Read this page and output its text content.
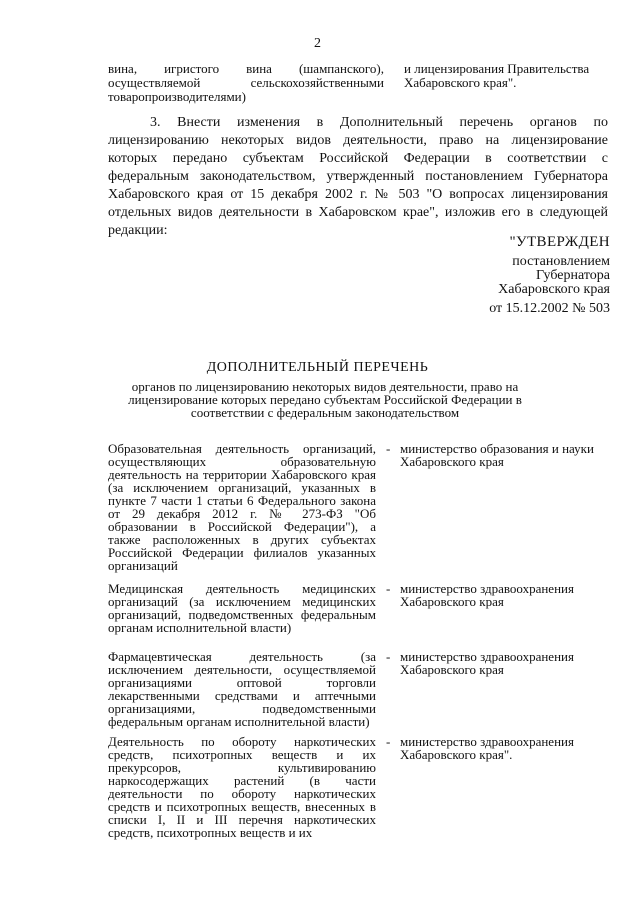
2
вина, игристого вина (шампанского), осуществляемой сельскохозяйственными товаропроизводителями)
и лицензирования Правительства Хабаровского края".
3. Внести изменения в Дополнительный перечень органов по лицензированию некоторых видов деятельности, право на лицензирование которых передано субъектам Российской Федерации в соответствии с федеральным законодательством, утвержденный постановлением Губернатора Хабаровского края от 15 декабря 2002 г. № 503 "О вопросах лицензирования отдельных видов деятельности в Хабаровском крае", изложив его в следующей редакции:
"УТВЕРЖДЕН
постановлением
Губернатора
Хабаровского края
от 15.12.2002 № 503
ДОПОЛНИТЕЛЬНЫЙ ПЕРЕЧЕНЬ
органов по лицензированию некоторых видов деятельности, право на лицензирование которых передано субъектам Российской Федерации в соответствии с федеральным законодательством
Образовательная деятельность организаций, осуществляющих образовательную деятельность на территории Хабаровского края (за исключением организаций, указанных в пункте 7 части 1 статьи 6 Федерального закона от 29 декабря 2012 г. № 273-ФЗ "Об образовании в Российской Федерации"), а также расположенных в других субъектах Российской Федерации филиалов указанных организаций
- министерство образования и науки Хабаровского края
Медицинская деятельность медицинских организаций (за исключением медицинских организаций, подведомственных федеральным органам исполнительной власти)
- министерство здравоохранения Хабаровского края
Фармацевтическая деятельность (за исключением деятельности, осуществляемой организациями оптовой торговли лекарственными средствами и аптечными организациями, подведомственными федеральным органам исполнительной власти)
- министерство здравоохранения Хабаровского края
Деятельность по обороту наркотических средств, психотропных веществ и их прекурсоров, культивированию наркосодержащих растений (в части деятельности по обороту наркотических средств и психотропных веществ, внесенных в списки I, II и III перечня наркотических средств, психотропных веществ и их
- министерство здравоохранения Хабаровского края".
